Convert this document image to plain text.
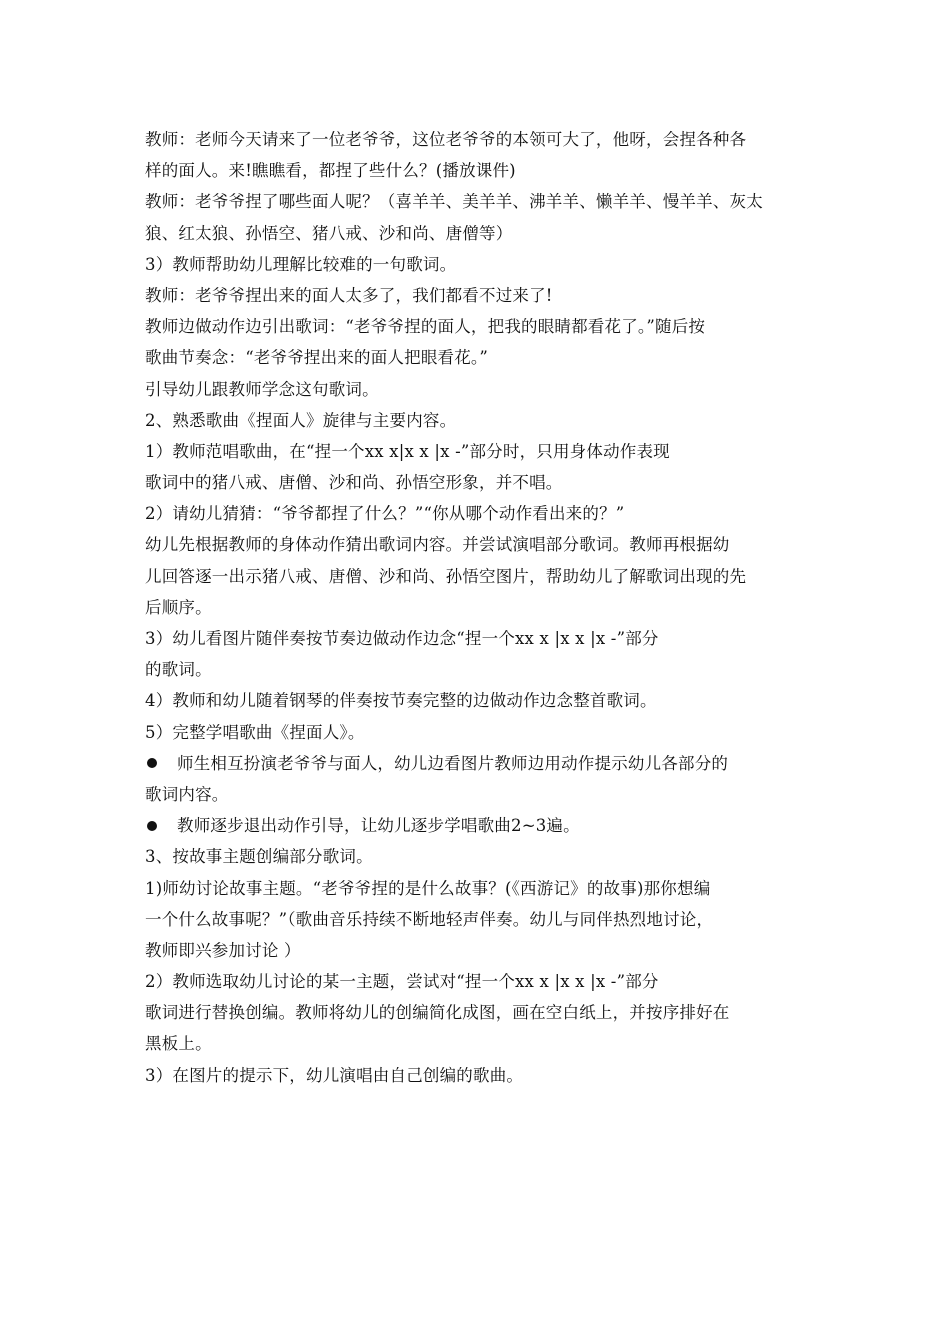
教师：老师今天请来了一位老爷爷，这位老爷爷的本领可大了，他呀，会捏各种各
样的面人。来!瞧瞧看，都捏了些什么？(播放课件)
教师：老爷爷捏了哪些面人呢？（喜羊羊、美羊羊、沸羊羊、懒羊羊、慢羊羊、灰太
狼、红太狼、孙悟空、猪八戒、沙和尚、唐僧等）
3）教师帮助幼儿理解比较难的一句歌词。
教师：老爷爷捏出来的面人太多了，我们都看不过来了!
教师边做动作边引出歌词：“老爷爷捏的面人，把我的眼睛都看花了。”随后按
歌曲节奏念：“老爷爷捏出来的面人把眼看花。”
引导幼儿跟教师学念这句歌词。
2、熟悉歌曲《捏面人》旋律与主要内容。
1）教师范唱歌曲，在“捏一个xx x|x x |x -”部分时，只用身体动作表现
歌词中的猪八戒、唐僧、沙和尚、孙悟空形象，并不唱。
2）请幼儿猜猜：“爷爷都捏了什么？”“你从哪个动作看出来的？”
幼儿先根据教师的身体动作猜出歌词内容。并尝试演唱部分歌词。教师再根据幼
儿回答逐一出示猪八戒、唐僧、沙和尚、孙悟空图片，帮助幼儿了解歌词出现的先
后顺序。
3）幼儿看图片随伴奏按节奏边做动作边念“捏一个xx x |x x |x -”部分
的歌词。
4）教师和幼儿随着钢琴的伴奏按节奏完整的边做动作边念整首歌词。
5）完整学唱歌曲《捏面人》。
师生相互扮演老爷爷与面人，幼儿边看图片教师边用动作提示幼儿各部分的
歌词内容。
教师逐步退出动作引导，让幼儿逐步学唱歌曲2~3遍。
3、按故事主题创编部分歌词。
1)师幼讨论故事主题。“老爷爷捏的是什么故事？(《西游记》的故事)那你想编
一个什么故事呢？”（歌曲音乐持续不断地轻声伴奏。幼儿与同伴热烈地讨论，
教师即兴参加讨论 ）
2）教师选取幼儿讨论的某一主题，尝试对“捏一个xx x |x x |x -”部分
歌词进行替换创编。教师将幼儿的创编简化成图，画在空白纸上，并按序排好在
黑板上。
3）在图片的提示下，幼儿演唱由自己创编的歌曲。
